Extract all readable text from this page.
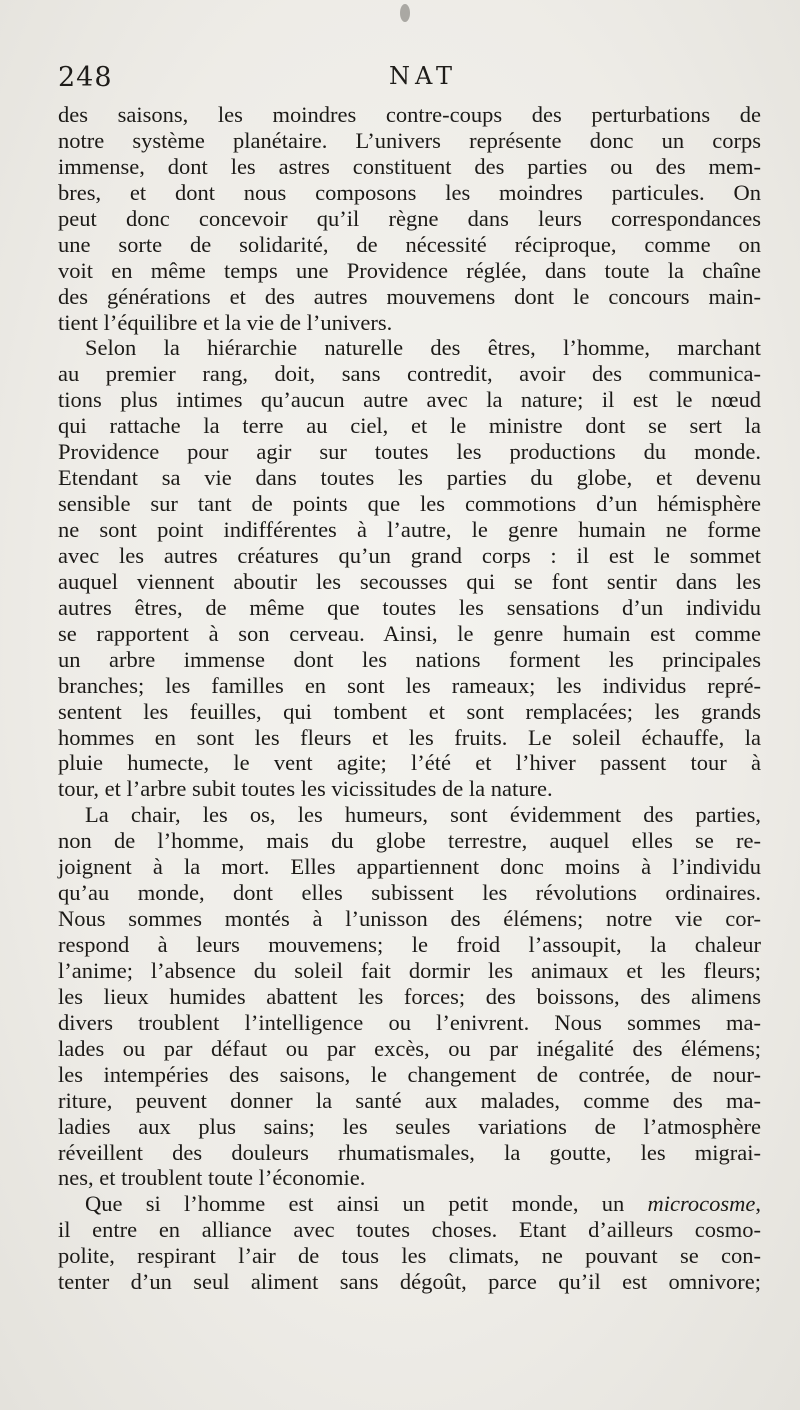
248	NAT
des saisons, les moindres contre-coups des perturbations de
notre système planétaire. L’univers représente donc un corps
immense, dont les astres constituent des parties ou des mem-
bres, et dont nous composons les moindres particules. On
peut donc concevoir qu’il règne dans leurs correspondances
une sorte de solidarité, de nécessité réciproque, comme on
voit en même temps une Providence réglée, dans toute la chaîne
des générations et des autres mouvemens dont le concours main-
tient l’équilibre et la vie de l’univers.
Selon la hiérarchie naturelle des êtres, l’homme, marchant
au premier rang, doit, sans contredit, avoir des communica-
tions plus intimes qu’aucun autre avec la nature; il est le nœud
qui rattache la terre au ciel, et le ministre dont se sert la
Providence pour agir sur toutes les productions du monde.
Etendant sa vie dans toutes les parties du globe, et devenu
sensible sur tant de points que les commotions d’un hémisphère
ne sont point indifférentes à l’autre, le genre humain ne forme
avec les autres créatures qu’un grand corps : il est le sommet
auquel viennent aboutir les secousses qui se font sentir dans les
autres êtres, de même que toutes les sensations d’un individu
se rapportent à son cerveau. Ainsi, le genre humain est comme
un arbre immense dont les nations forment les principales
branches; les familles en sont les rameaux; les individus repré-
sentent les feuilles, qui tombent et sont remplacées; les grands
hommes en sont les fleurs et les fruits. Le soleil échauffe, la
pluie humecte, le vent agite; l’été et l’hiver passent tour à
tour, et l’arbre subit toutes les vicissitudes de la nature.
La chair, les os, les humeurs, sont évidemment des parties,
non de l’homme, mais du globe terrestre, auquel elles se re-
joignent à la mort. Elles appartiennent donc moins à l’individu
qu’au monde, dont elles subissent les révolutions ordinaires.
Nous sommes montés à l’unisson des élémens; notre vie cor-
respond à leurs mouvemens; le froid l’assoupit, la chaleur
l’anime; l’absence du soleil fait dormir les animaux et les fleurs;
les lieux humides abattent les forces; des boissons, des alimens
divers troublent l’intelligence ou l’enivrent. Nous sommes ma-
lades ou par défaut ou par excès, ou par inégalité des élémens;
les intempéries des saisons, le changement de contrée, de nour-
riture, peuvent donner la santé aux malades, comme des ma-
ladies aux plus sains; les seules variations de l’atmosphère
réveillent des douleurs rhumatismales, la goutte, les migrai-
nes, et troublent toute l’économie.
Que si l’homme est ainsi un petit monde, un microcosme,
il entre en alliance avec toutes choses. Etant d’ailleurs cosmo-
polite, respirant l’air de tous les climats, ne pouvant se con-
tenter d’un seul aliment sans dégoût, parce qu’il est omnivore;
